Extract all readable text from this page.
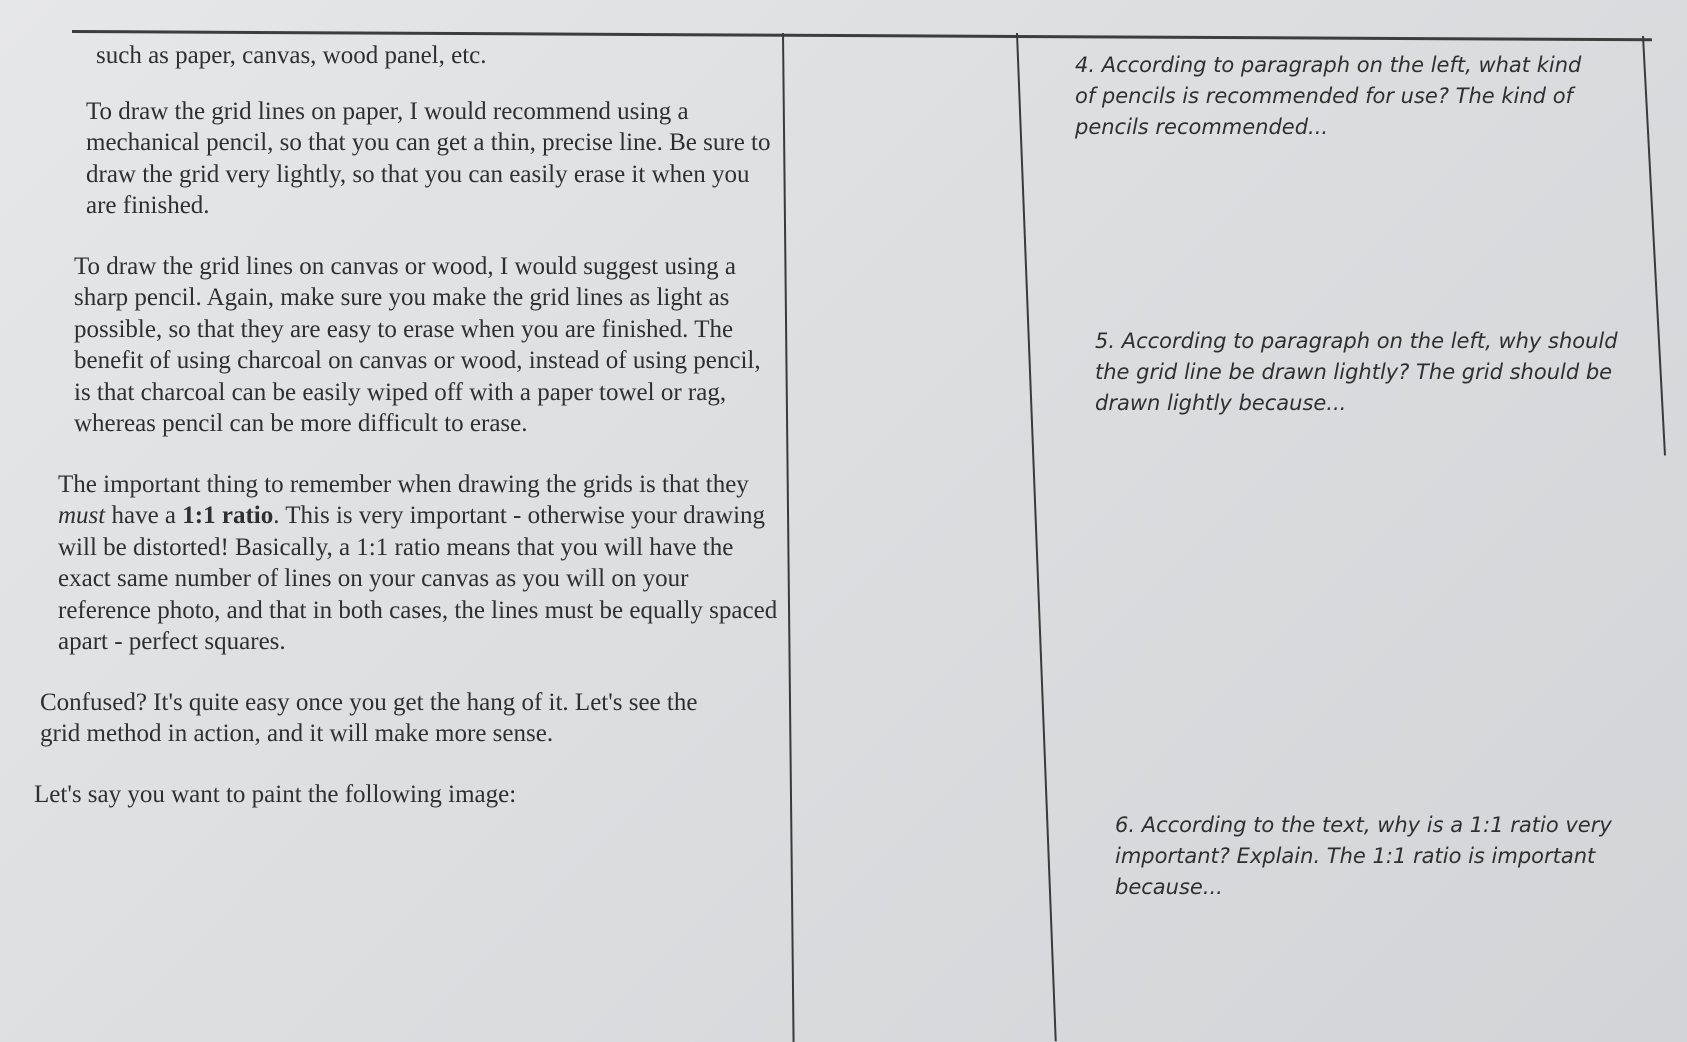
such as paper, canvas, wood panel, etc.

To draw the grid lines on paper, I would recommend using a mechanical pencil, so that you can get a thin, precise line. Be sure to draw the grid very lightly, so that you can easily erase it when you are finished.

To draw the grid lines on canvas or wood, I would suggest using a sharp pencil. Again, make sure you make the grid lines as light as possible, so that they are easy to erase when you are finished. The benefit of using charcoal on canvas or wood, instead of using pencil, is that charcoal can be easily wiped off with a paper towel or rag, whereas pencil can be more difficult to erase.

The important thing to remember when drawing the grids is that they must have a 1:1 ratio. This is very important - otherwise your drawing will be distorted! Basically, a 1:1 ratio means that you will have the exact same number of lines on your canvas as you will on your reference photo, and that in both cases, the lines must be equally spaced apart - perfect squares.

Confused? It's quite easy once you get the hang of it. Let's see the grid method in action, and it will make more sense.

Let's say you want to paint the following image:

4. According to paragraph on the left, what kind of pencils is recommended for use? The kind of pencils recommended...
5. According to paragraph on the left, why should the grid line be drawn lightly? The grid should be drawn lightly because...
6. According to the text, why is a 1:1 ratio very important? Explain. The 1:1 ratio is important because...
